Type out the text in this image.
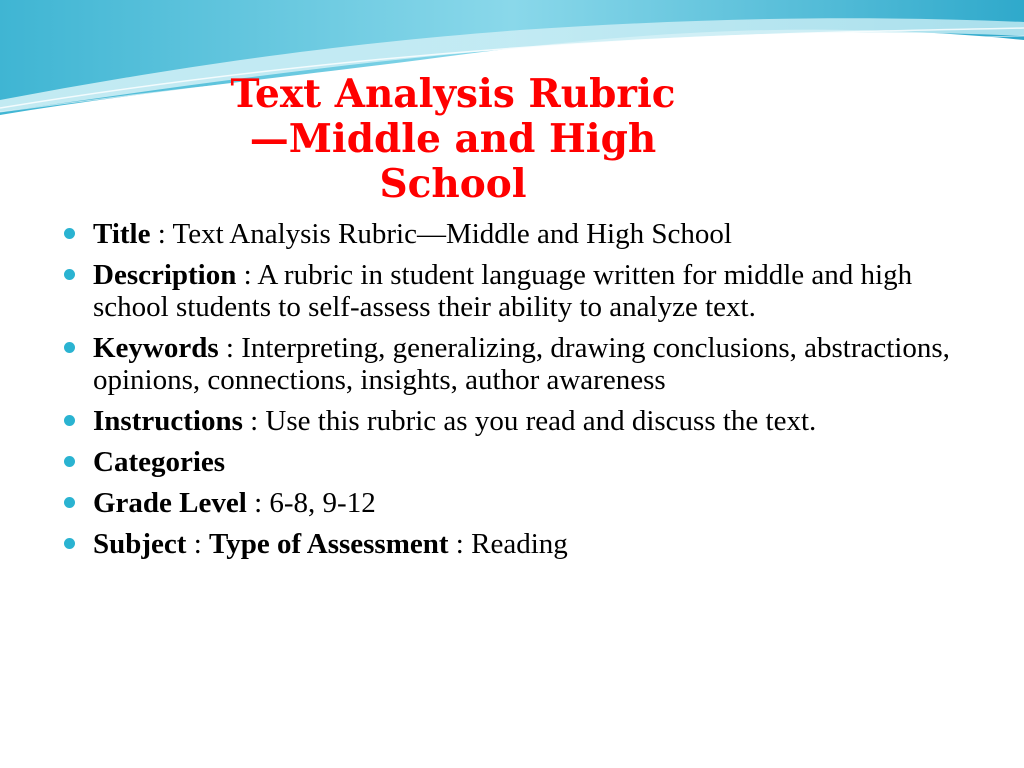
Text Analysis Rubric—Middle and High School
Title : Text Analysis Rubric—Middle and High School
Description : A rubric in student language written for middle and high school students to self-assess their ability to analyze text.
Keywords : Interpreting, generalizing, drawing conclusions, abstractions, opinions, connections, insights, author awareness
Instructions : Use this rubric as you read and discuss the text.
Categories
Grade Level : 6-8, 9-12
Subject : Type of Assessment : Reading
